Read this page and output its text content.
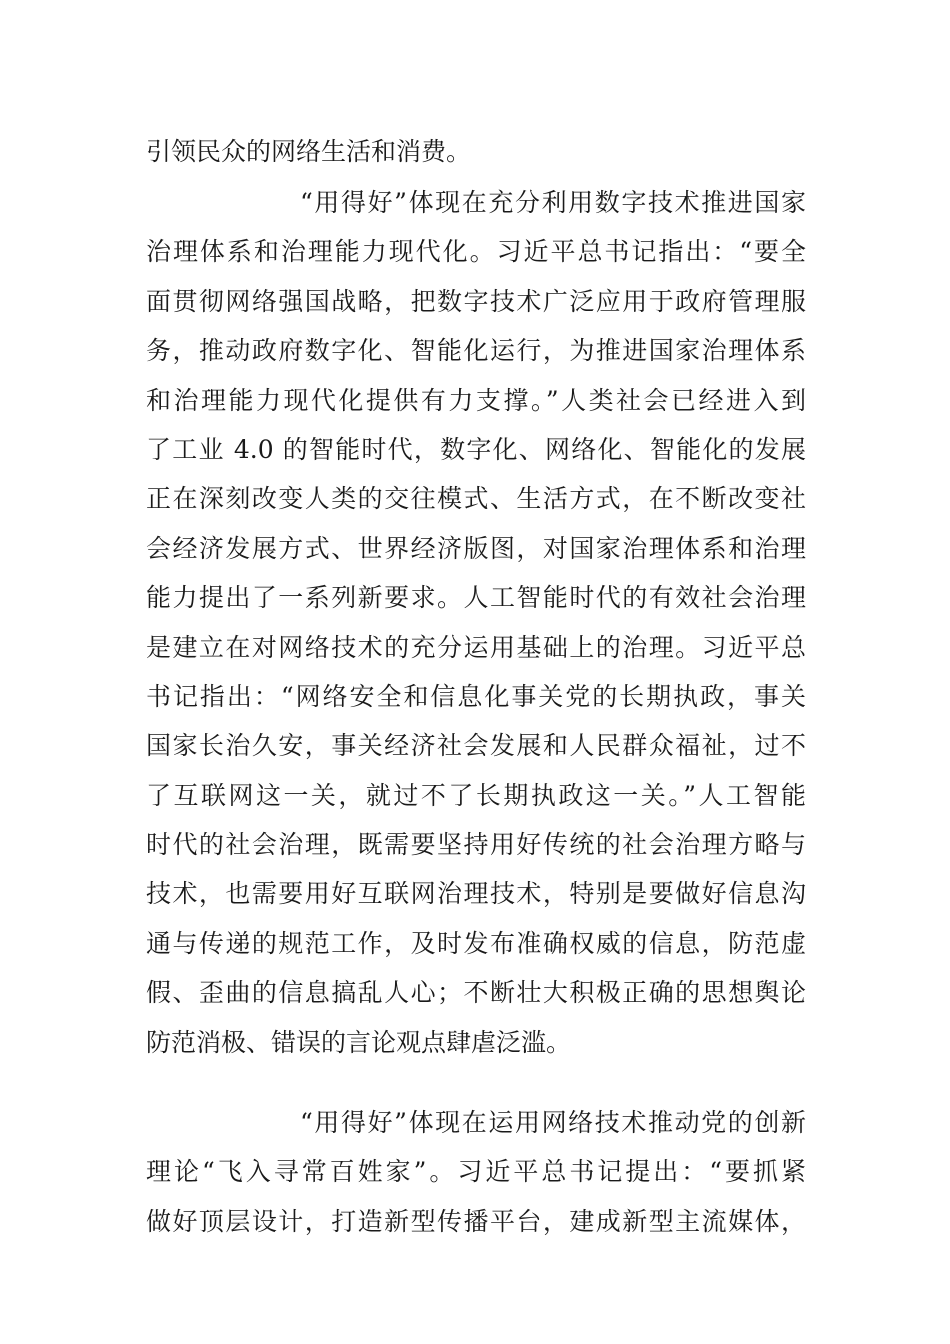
引领民众的网络生活和消费。
“用得好”体现在充分利用数字技术推进国家
治理体系和治理能力现代化。习近平总书记指出：“要全
面贯彻网络强国战略，把数字技术广泛应用于政府管理服
务，推动政府数字化、智能化运行，为推进国家治理体系
和治理能力现代化提供有力支撑。”人类社会已经进入到
了工业 4.0 的智能时代，数字化、网络化、智能化的发展
正在深刻改变人类的交往模式、生活方式，在不断改变社
会经济发展方式、世界经济版图，对国家治理体系和治理
能力提出了一系列新要求。人工智能时代的有效社会治理
是建立在对网络技术的充分运用基础上的治理。习近平总
书记指出：“网络安全和信息化事关党的长期执政，事关
国家长治久安，事关经济社会发展和人民群众福祉，过不
了互联网这一关，就过不了长期执政这一关。”人工智能
时代的社会治理，既需要坚持用好传统的社会治理方略与
技术，也需要用好互联网治理技术，特别是要做好信息沟
通与传递的规范工作，及时发布准确权威的信息，防范虚
假、歪曲的信息搞乱人心；不断壮大积极正确的思想舆论
防范消极、错误的言论观点肆虐泛滥。
“用得好”体现在运用网络技术推动党的创新
理论“飞入寻常百姓家”。习近平总书记提出：“要抓紧
做好顶层设计，打造新型传播平台，建成新型主流媒体，
